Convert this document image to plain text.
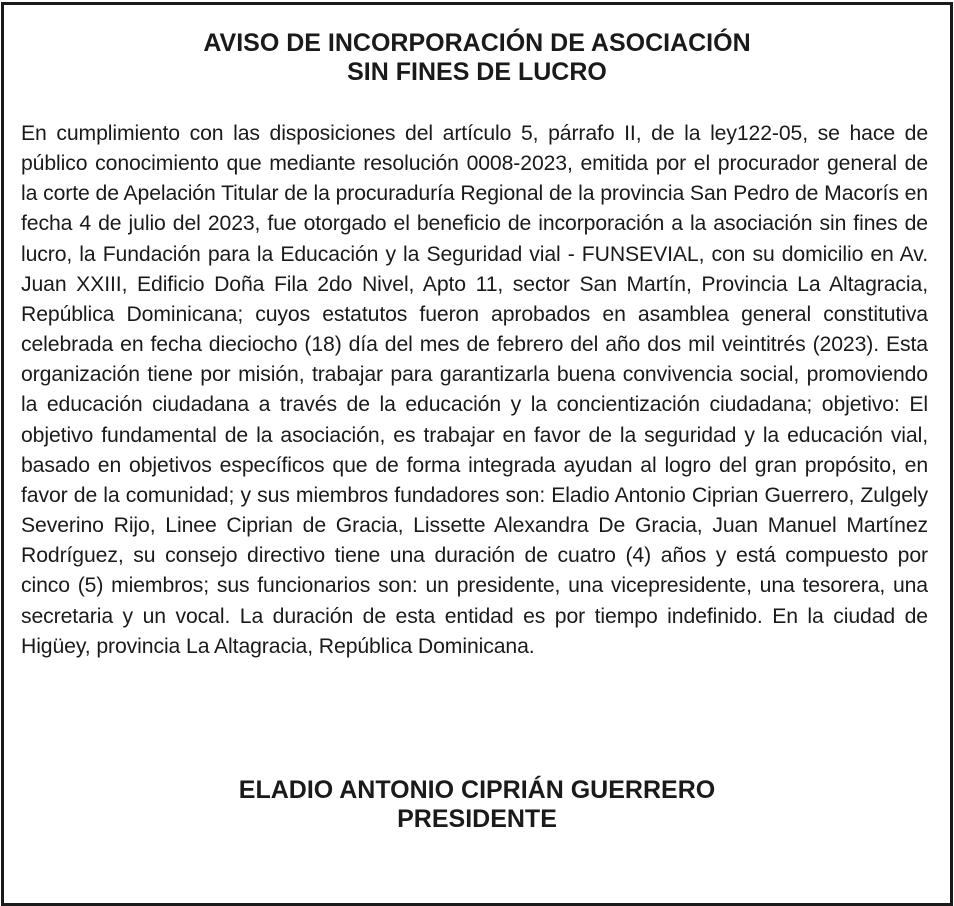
AVISO DE INCORPORACIÓN DE ASOCIACIÓN
SIN FINES DE LUCRO

En cumplimiento con las disposiciones del artículo 5, párrafo II, de la ley122-05, se hace de público conocimiento que mediante resolución 0008-2023, emitida por el procurador general de la corte de Apelación Titular de la procuraduría Regional de la provincia San Pedro de Macorís en fecha 4 de julio del 2023, fue otorgado el beneficio de incorporación a la asociación sin fines de lucro, la Fundación para la Educación y la Seguridad vial - FUNSEVIAL, con su domicilio en Av. Juan XXIII, Edificio Doña Fila 2do Nivel, Apto 11, sector San Martín, Provincia La Altagracia, República Dominicana; cuyos estatutos fueron aprobados en asamblea general constitutiva celebrada en fecha dieciocho (18) día del mes de febrero del año dos mil veintitrés (2023). Esta organización tiene por misión, trabajar para garantizarla buena convivencia social, promoviendo la educación ciudadana a través de la educación y la concientización ciudadana; objetivo: El objetivo fundamental de la asociación, es trabajar en favor de la seguridad y la educación vial, basado en objetivos específicos que de forma integrada ayudan al logro del gran propósito, en favor de la comunidad; y sus miembros fundadores son: Eladio Antonio Ciprian Guerrero, Zulgely Severino Rijo, Linee Ciprian de Gracia, Lissette Alexandra De Gracia, Juan Manuel Martínez Rodríguez, su consejo directivo tiene una duración de cuatro (4) años y está compuesto por cinco (5) miembros; sus funcionarios son: un presidente, una vicepresidente, una tesorera, una secretaria y un vocal. La duración de esta entidad es por tiempo indefinido. En la ciudad de Higüey, provincia La Altagracia, República Dominicana.

ELADIO ANTONIO CIPRIÁN GUERRERO
PRESIDENTE
